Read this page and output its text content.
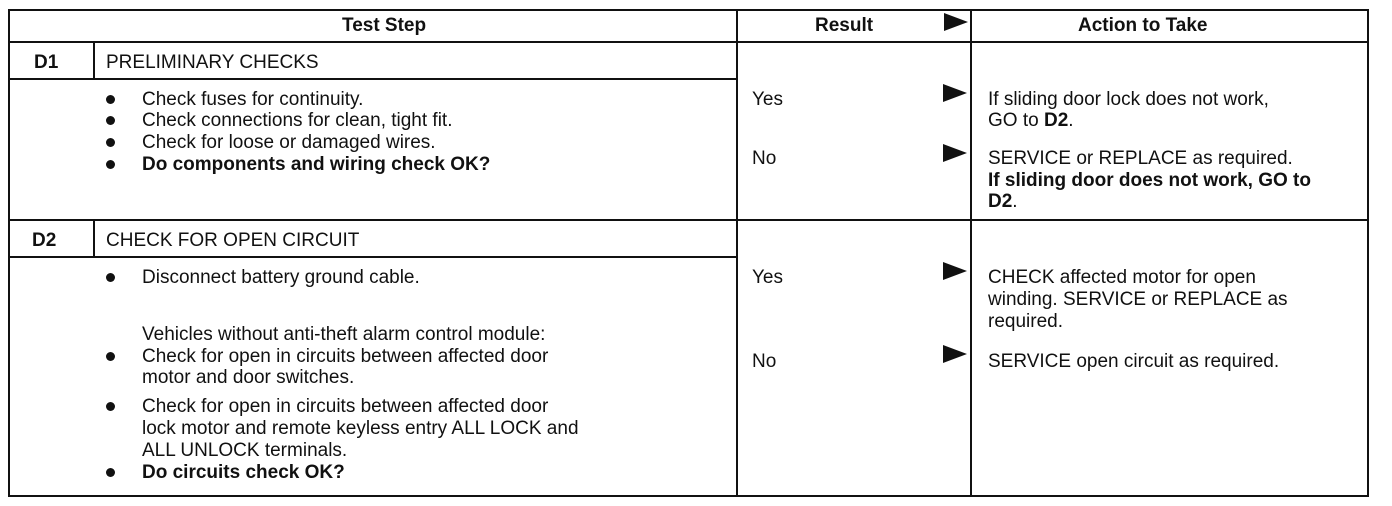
Test Step	Result	Action to Take
D1	PRELIMINARY CHECKS
Check fuses for continuity.
Check connections for clean, tight fit.
Check for loose or damaged wires.
Do components and wiring check OK?
Yes	If sliding door lock does not work,
GO to D2.
No	SERVICE or REPLACE as required.
If sliding door does not work, GO to
D2.
D2	CHECK FOR OPEN CIRCUIT
Disconnect battery ground cable.
Vehicles without anti-theft alarm control module:
Check for open in circuits between affected door
motor and door switches.
Check for open in circuits between affected door
lock motor and remote keyless entry ALL LOCK and
ALL UNLOCK terminals.
Do circuits check OK?
Yes	CHECK affected motor for open
winding. SERVICE or REPLACE as
required.
No	SERVICE open circuit as required.
